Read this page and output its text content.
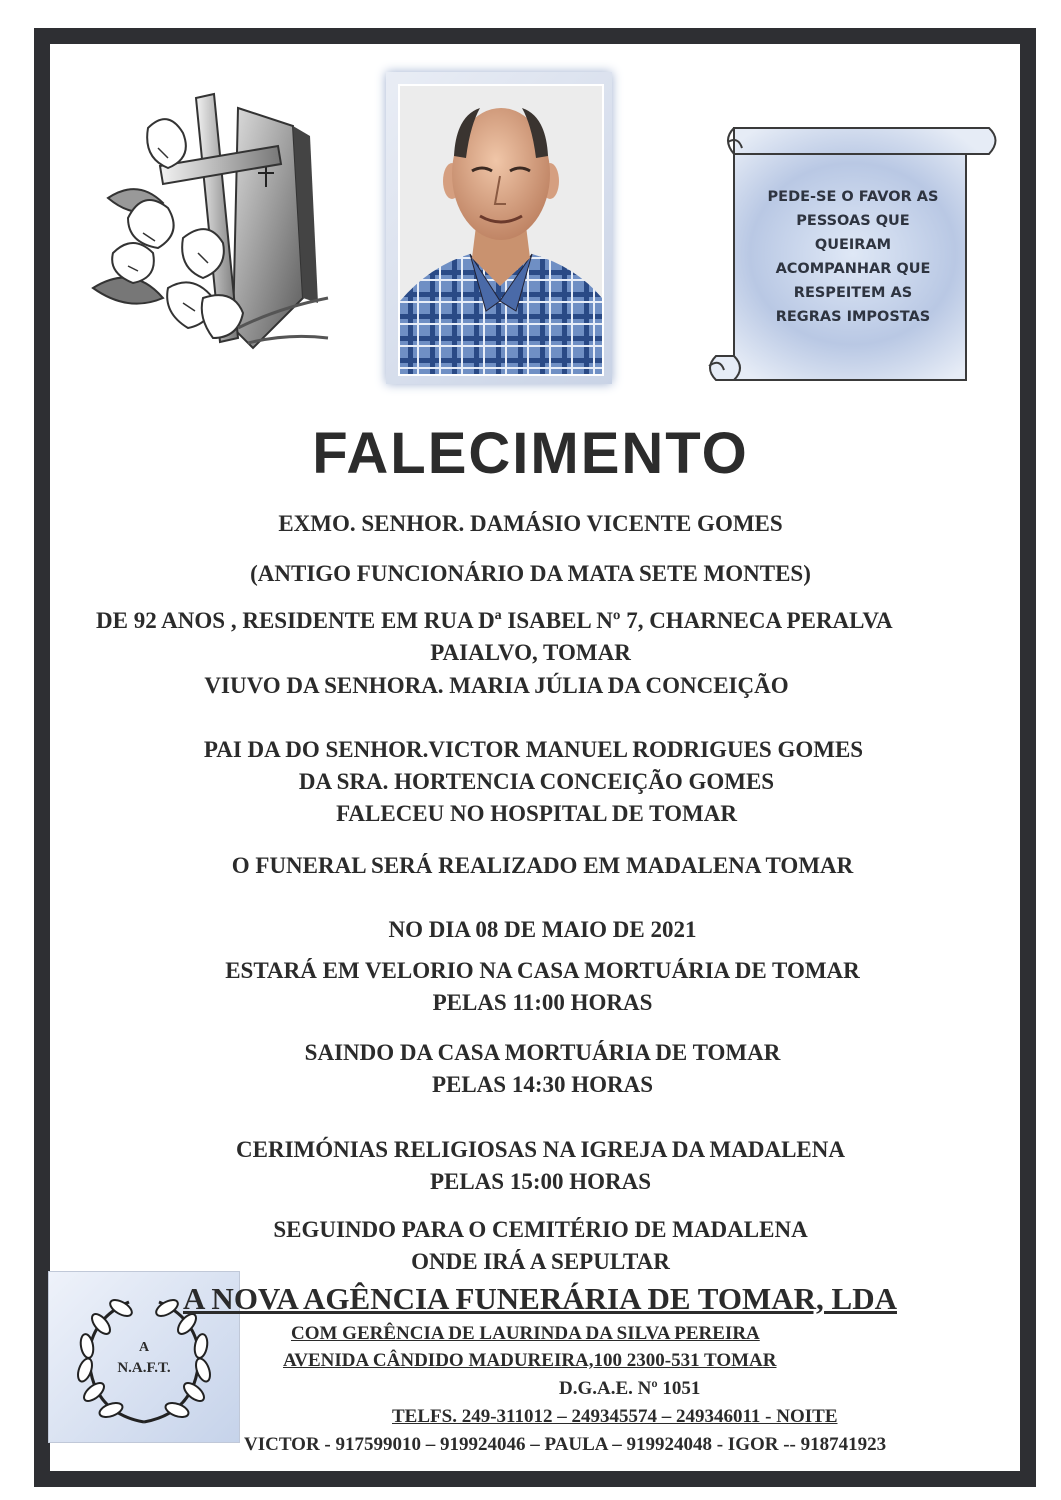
PEDE-SE O FAVOR AS
PESSOAS QUE
QUEIRAM
ACOMPANHAR QUE
RESPEITEM AS
REGRAS IMPOSTAS
FALECIMENTO
EXMO. SENHOR. DAMÁSIO VICENTE GOMES
(ANTIGO FUNCIONÁRIO DA MATA SETE MONTES)
DE 92 ANOS , RESIDENTE EM RUA Dª ISABEL Nº 7, CHARNECA PERALVA
PAIALVO, TOMAR
VIUVO DA SENHORA. MARIA JÚLIA DA CONCEIÇÃO
PAI DA DO SENHOR.VICTOR MANUEL RODRIGUES GOMES
DA SRA. HORTENCIA CONCEIÇÃO GOMES
FALECEU NO HOSPITAL DE TOMAR
O FUNERAL SERÁ REALIZADO EM MADALENA TOMAR
NO DIA 08 DE MAIO DE 2021
ESTARÁ EM VELORIO NA CASA MORTUÁRIA DE TOMAR
PELAS 11:00 HORAS
SAINDO DA CASA MORTUÁRIA DE TOMAR
PELAS 14:30 HORAS
CERIMÓNIAS RELIGIOSAS NA IGREJA DA MADALENA
PELAS 15:00 HORAS
SEGUINDO PARA O CEMITÉRIO DE MADALENA
ONDE IRÁ A SEPULTAR
A
N.A.F.T.
A NOVA AGÊNCIA FUNERÁRIA DE TOMAR, LDA
COM GERÊNCIA DE LAURINDA DA SILVA PEREIRA
AVENIDA CÂNDIDO MADUREIRA,100 2300-531 TOMAR
D.G.A.E. Nº 1051
TELFS. 249-311012 – 249345574 – 249346011 - NOITE
VICTOR - 917599010 – 919924046 – PAULA – 919924048 - IGOR -- 918741923
